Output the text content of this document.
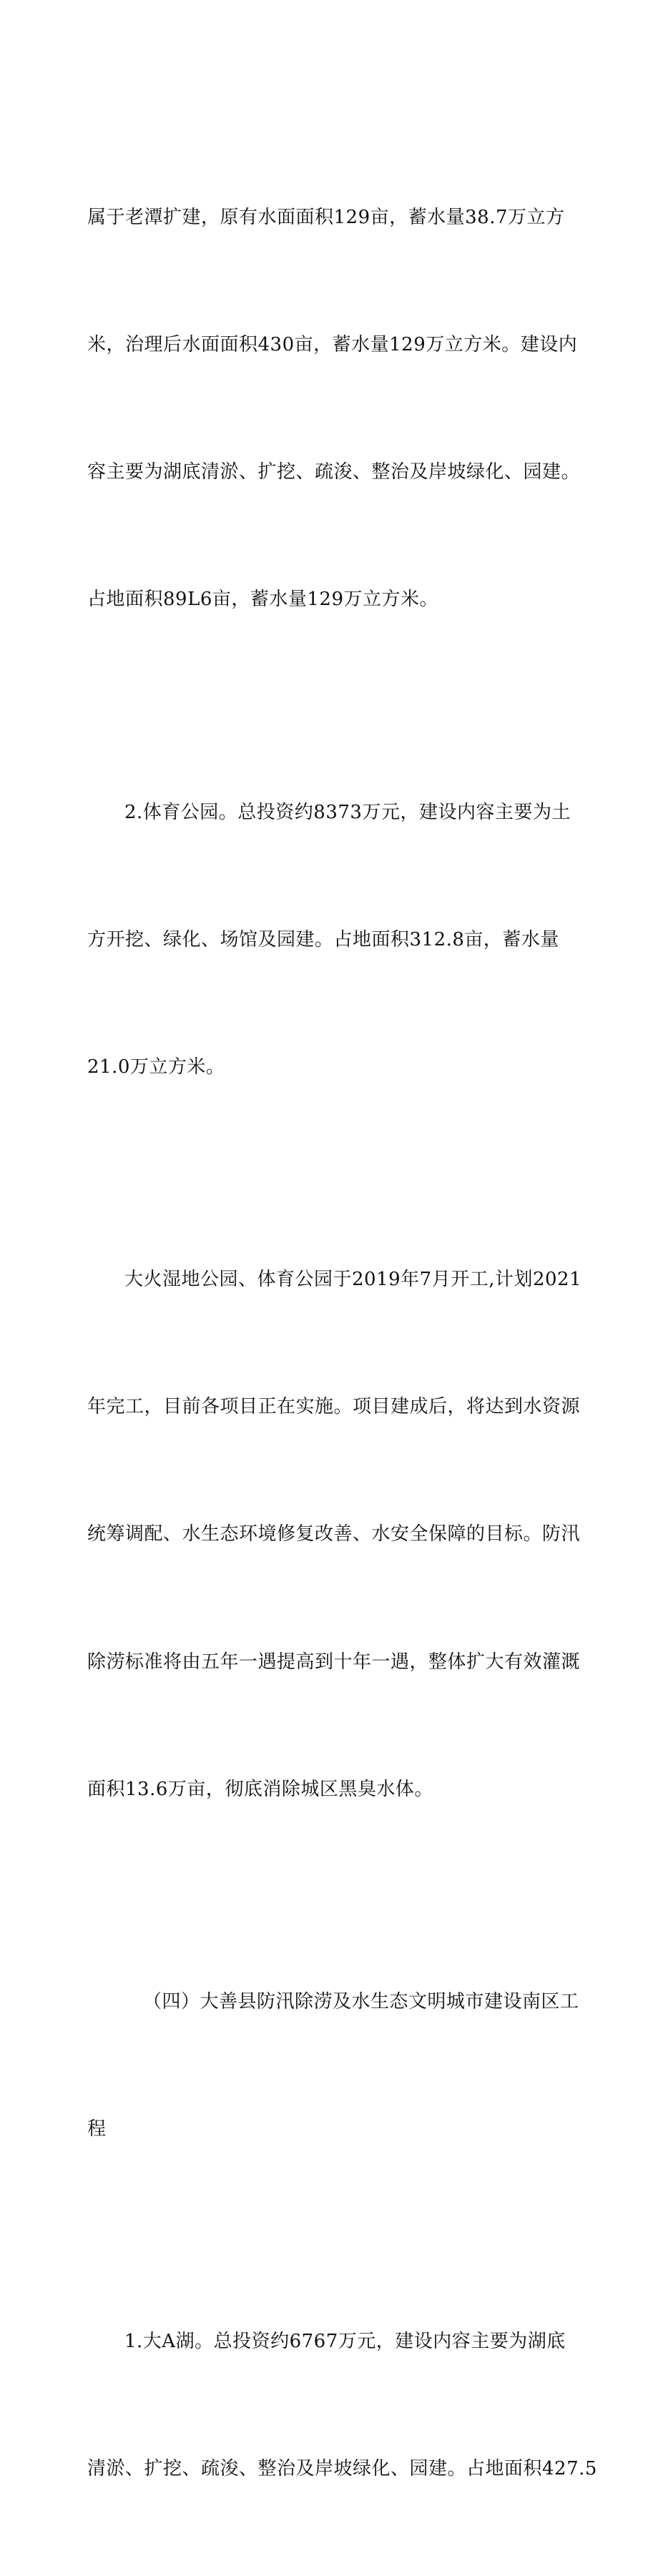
属于老潭扩建，原有水面面积129亩，蓄水量38.7万立方

米，治理后水面面积430亩，蓄水量129万立方米。建设内

容主要为湖底清淤、扩挖、疏浚、整治及岸坡绿化、园建。

占地面积89L6亩，蓄水量129万立方米。

2.体育公园。总投资约8373万元，建设内容主要为土

方开挖、绿化、场馆及园建。占地面积312.8亩，蓄水量

21.0万立方米。

大火湿地公园、体育公园于2019年7月开工,计划2021

年完工，目前各项目正在实施。项目建成后，将达到水资源

统筹调配、水生态环境修复改善、水安全保障的目标。防汛

除涝标准将由五年一遇提高到十年一遇，整体扩大有效灌溉

面积13.6万亩，彻底消除城区黑臭水体。

（四）大善县防汛除涝及水生态文明城市建设南区工

程

1.大A湖。总投资约6767万元，建设内容主要为湖底

清淤、扩挖、疏浚、整治及岸坡绿化、园建。占地面积427.5
